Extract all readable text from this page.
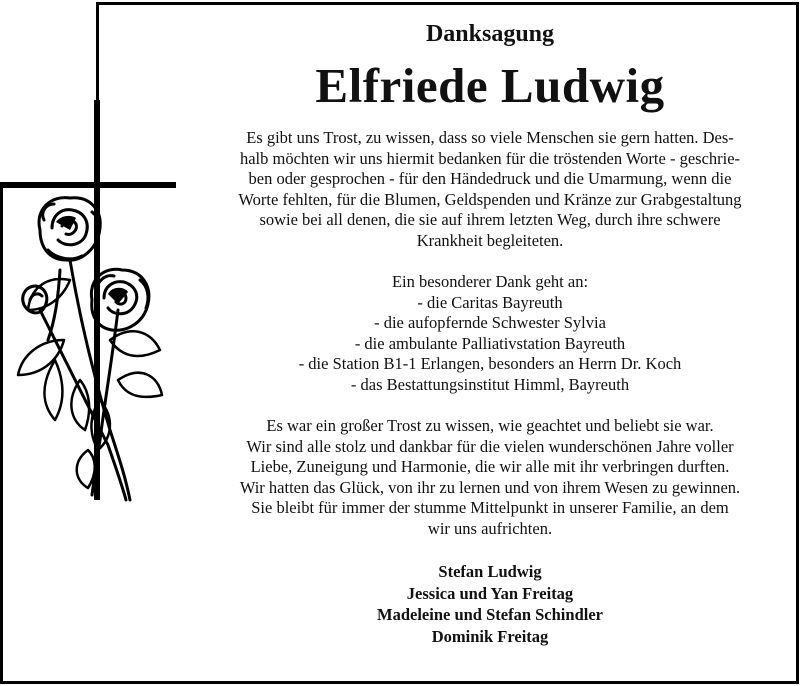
Danksagung
Elfriede Ludwig

Es gibt uns Trost, zu wissen, dass so viele Menschen sie gern hatten. Des-

halb möchten wir uns hiermit bedanken für die tröstenden Worte - geschrie-

ben oder gesprochen - für den Händedruck und die Umarmung, wenn die

Worte fehlten, für die Blumen, Geldspenden und Kränze zur Grabgestaltung

sowie bei all denen, die sie auf ihrem letzten Weg, durch ihre schwere

Krankheit begleiteten.

Ein besonderer Dank geht an:

- die Caritas Bayreuth

- die aufopfernde Schwester Sylvia

- die ambulante Palliativstation Bayreuth

- die Station B1-1 Erlangen, besonders an Herrn Dr. Koch

- das Bestattungsinstitut Himml, Bayreuth

Es war ein großer Trost zu wissen, wie geachtet und beliebt sie war.

Wir sind alle stolz und dankbar für die vielen wunderschönen Jahre voller

Liebe, Zuneigung und Harmonie, die wir alle mit ihr verbringen durften.

Wir hatten das Glück, von ihr zu lernen und von ihrem Wesen zu gewinnen.

Sie bleibt für immer der stumme Mittelpunkt in unserer Familie, an dem

wir uns aufrichten.

Stefan Ludwig

Jessica und Yan Freitag

Madeleine und Stefan Schindler

Dominik Freitag
